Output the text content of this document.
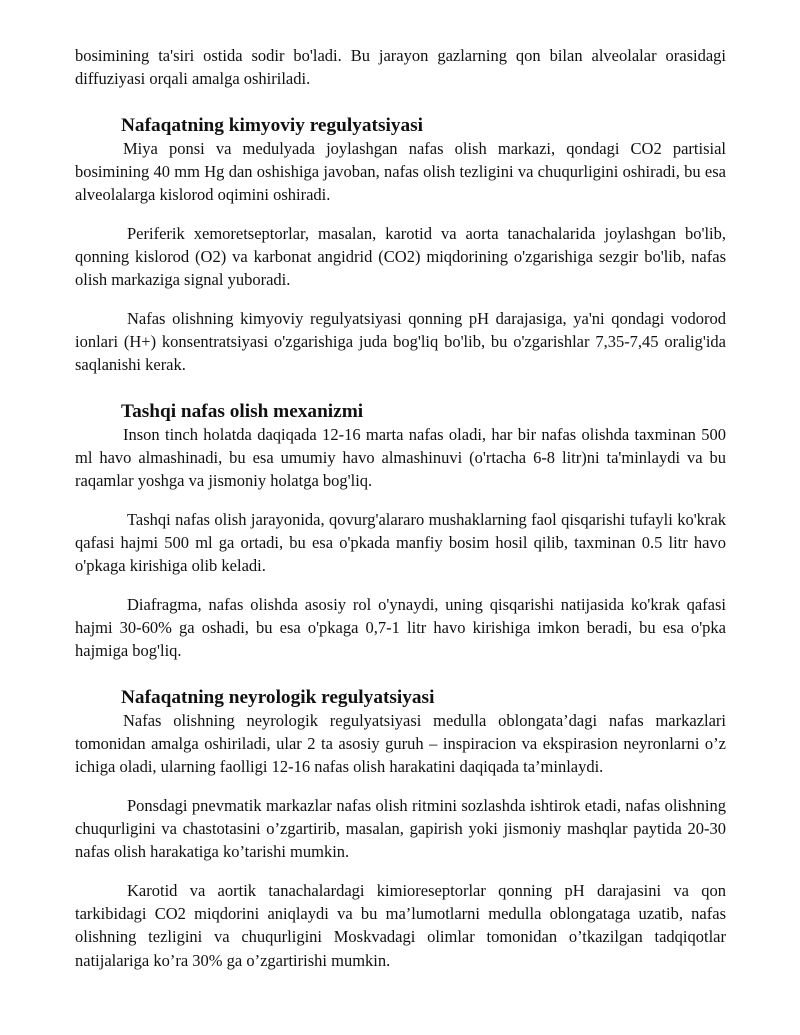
bosimining ta'siri ostida sodir bo'ladi. Bu jarayon gazlarning qon bilan alveolalar orasidagi diffuziyasi orqali amalga oshiriladi.

Nafaqatning kimyoviy regulyatsiyasi

Miya ponsi va medulyada joylashgan nafas olish markazi, qondagi CO2 partisial bosimining 40 mm Hg dan oshishiga javoban, nafas olish tezligini va chuqurligini oshiradi, bu esa alveolalarga kislorod oqimini oshiradi.

Periferik xemoretseptorlar, masalan, karotid va aorta tanachalarida joylashgan bo'lib, qonning kislorod (O2) va karbonat angidrid (CO2) miqdorining o'zgarishiga sezgir bo'lib, nafas olish markaziga signal yuboradi.

Nafas olishning kimyoviy regulyatsiyasi qonning pH darajasiga, ya'ni qondagi vodorod ionlari (H+) konsentratsiyasi o'zgarishiga juda bog'liq bo'lib, bu o'zgarishlar 7,35-7,45 oralig'ida saqlanishi kerak.

Tashqi nafas olish mexanizmi

Inson tinch holatda daqiqada 12-16 marta nafas oladi, har bir nafas olishda taxminan 500 ml havo almashinadi, bu esa umumiy havo almashinuvi (o'rtacha 6-8 litr)ni ta'minlaydi va bu raqamlar yoshga va jismoniy holatga bog'liq.

Tashqi nafas olish jarayonida, qovurg'alararo mushaklarning faol qisqarishi tufayli ko'krak qafasi hajmi 500 ml ga ortadi, bu esa o'pkada manfiy bosim hosil qilib, taxminan 0.5 litr havo o'pkaga kirishiga olib keladi.

Diafragma, nafas olishda asosiy rol o'ynaydi, uning qisqarishi natijasida ko'krak qafasi hajmi 30-60% ga oshadi, bu esa o'pkaga 0,7-1 litr havo kirishiga imkon beradi, bu esa o'pka hajmiga bog'liq.

Nafaqatning neyrologik regulyatsiyasi

Nafas olishning neyrologik regulyatsiyasi medulla oblongata’dagi nafas markazlari tomonidan amalga oshiriladi, ular 2 ta asosiy guruh – inspiracion va ekspirasion neyronlarni o’z ichiga oladi, ularning faolligi 12-16 nafas olish harakatini daqiqada ta’minlaydi.

Ponsdagi pnevmatik markazlar nafas olish ritmini sozlashda ishtirok etadi, nafas olishning chuqurligini va chastotasini o’zgartirib, masalan, gapirish yoki jismoniy mashqlar paytida 20-30 nafas olish harakatiga ko’tarishi mumkin.

Karotid va aortik tanachalardagi kimioreseptorlar qonning pH darajasini va qon tarkibidagi CO2 miqdorini aniqlaydi va bu ma’lumotlarni medulla oblongataga uzatib, nafas olishning tezligini va chuqurligini Moskvadagi olimlar tomonidan o’tkazilgan tadqiqotlar natijalariga ko’ra 30% ga o’zgartirishi mumkin.
